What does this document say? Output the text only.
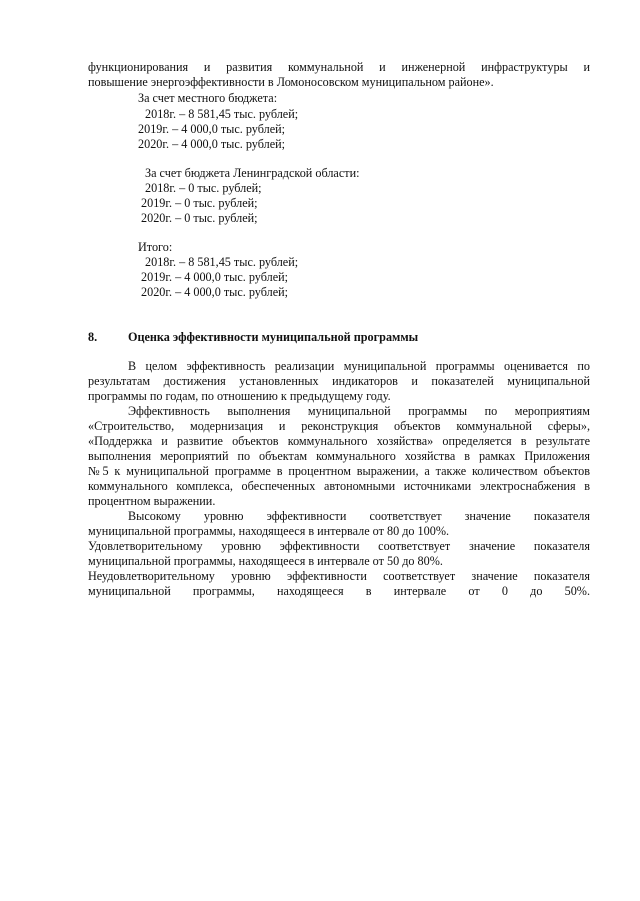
функционирования и развития коммунальной и инженерной инфраструктуры и
повышение энергоэффективности в Ломоносовском муниципальном районе».
За счет местного бюджета:
2018г. – 8 581,45 тыс. рублей;
2019г. – 4 000,0 тыс. рублей;
2020г. – 4 000,0 тыс. рублей;
За счет бюджета Ленинградской области:
2018г. – 0 тыс. рублей;
2019г. – 0 тыс. рублей;
2020г. – 0 тыс. рублей;
Итого:
2018г. – 8 581,45 тыс. рублей;
2019г. – 4 000,0 тыс. рублей;
2020г. – 4 000,0 тыс. рублей;
8.	Оценка эффективности муниципальной программы
В целом эффективность реализации муниципальной программы оценивается по
результатам достижения установленных индикаторов и показателей муниципальной
программы по годам, по отношению к предыдущему году.
Эффективность выполнения муниципальной программы по мероприятиям
«Строительство, модернизация и реконструкция объектов коммунальной сферы»,
«Поддержка и развитие объектов коммунального хозяйства» определяется в результате
выполнения мероприятий по объектам коммунального хозяйства в рамках Приложения
№5 к муниципальной программе в процентном выражении, а также количеством объектов
коммунального комплекса, обеспеченных автономными источниками электроснабжения в
процентном выражении.
Высокому уровню эффективности соответствует значение показателя
муниципальной программы, находящееся в интервале от 80 до 100%.
Удовлетворительному уровню эффективности соответствует значение показателя
муниципальной программы, находящееся в интервале от 50 до 80%.
Неудовлетворительному уровню эффективности соответствует значение показателя
муниципальной программы, находящееся в интервале от 0 до 50%.
